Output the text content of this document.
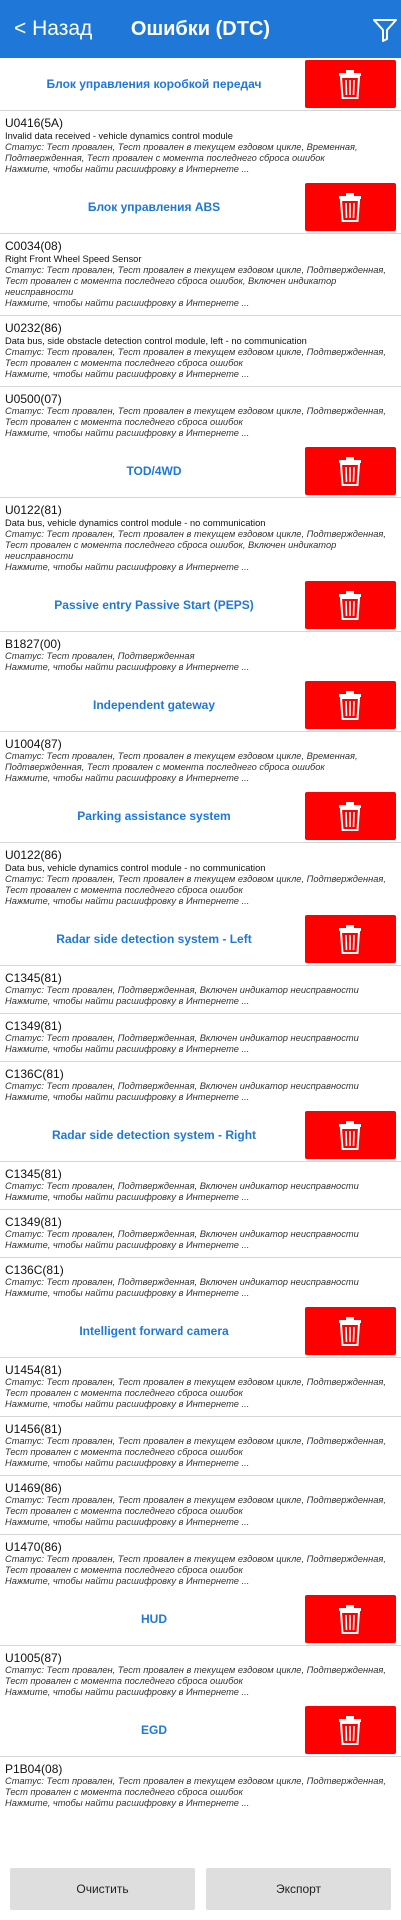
< Назад	Ошибки (DTC)
Блок управления коробкой передач
U0416(5A)
Invalid data received - vehicle dynamics control module
Статус: Тест провален, Тест провален в текущем ездовом цикле, Временная, Подтвержденная, Тест провален с момента последнего сброса ошибок
Нажмите, чтобы найти расшифровку в Интернете ...
Блок управления ABS
C0034(08)
Right Front Wheel Speed Sensor
Статус: Тест провален, Тест провален в текущем ездовом цикле, Подтвержденная, Тест провален с момента последнего сброса ошибок, Включен индикатор неисправности
Нажмите, чтобы найти расшифровку в Интернете ...
U0232(86)
Data bus, side obstacle detection control module, left - no communication
Статус: Тест провален, Тест провален в текущем ездовом цикле, Подтвержденная, Тест провален с момента последнего сброса ошибок
Нажмите, чтобы найти расшифровку в Интернете ...
U0500(07)
Статус: Тест провален, Тест провален в текущем ездовом цикле, Подтвержденная, Тест провален с момента последнего сброса ошибок
Нажмите, чтобы найти расшифровку в Интернете ...
TOD/4WD
U0122(81)
Data bus, vehicle dynamics control module - no communication
Статус: Тест провален, Тест провален в текущем ездовом цикле, Подтвержденная, Тест провален с момента последнего сброса ошибок, Включен индикатор неисправности
Нажмите, чтобы найти расшифровку в Интернете ...
Passive entry Passive Start (PEPS)
B1827(00)
Статус: Тест провален, Подтвержденная
Нажмите, чтобы найти расшифровку в Интернете ...
Independent gateway
U1004(87)
Статус: Тест провален, Тест провален в текущем ездовом цикле, Временная, Подтвержденная, Тест провален с момента последнего сброса ошибок
Нажмите, чтобы найти расшифровку в Интернете ...
Parking assistance system
U0122(86)
Data bus, vehicle dynamics control module - no communication
Статус: Тест провален, Тест провален в текущем ездовом цикле, Подтвержденная, Тест провален с момента последнего сброса ошибок
Нажмите, чтобы найти расшифровку в Интернете ...
Radar side detection system - Left
C1345(81)
Статус: Тест провален, Подтвержденная, Включен индикатор неисправности
Нажмите, чтобы найти расшифровку в Интернете ...
C1349(81)
Статус: Тест провален, Подтвержденная, Включен индикатор неисправности
Нажмите, чтобы найти расшифровку в Интернете ...
C136C(81)
Статус: Тест провален, Подтвержденная, Включен индикатор неисправности
Нажмите, чтобы найти расшифровку в Интернете ...
Radar side detection system - Right
C1345(81)
Статус: Тест провален, Подтвержденная, Включен индикатор неисправности
Нажмите, чтобы найти расшифровку в Интернете ...
C1349(81)
Статус: Тест провален, Подтвержденная, Включен индикатор неисправности
Нажмите, чтобы найти расшифровку в Интернете ...
C136C(81)
Статус: Тест провален, Подтвержденная, Включен индикатор неисправности
Нажмите, чтобы найти расшифровку в Интернете ...
Intelligent forward camera
U1454(81)
Статус: Тест провален, Тест провален в текущем ездовом цикле, Подтвержденная, Тест провален с момента последнего сброса ошибок
Нажмите, чтобы найти расшифровку в Интернете ...
U1456(81)
Статус: Тест провален, Тест провален в текущем ездовом цикле, Подтвержденная, Тест провален с момента последнего сброса ошибок
Нажмите, чтобы найти расшифровку в Интернете ...
U1469(86)
Статус: Тест провален, Тест провален в текущем ездовом цикле, Подтвержденная, Тест провален с момента последнего сброса ошибок
Нажмите, чтобы найти расшифровку в Интернете ...
U1470(86)
Статус: Тест провален, Тест провален в текущем ездовом цикле, Подтвержденная, Тест провален с момента последнего сброса ошибок
Нажмите, чтобы найти расшифровку в Интернете ...
HUD
U1005(87)
Статус: Тест провален, Тест провален в текущем ездовом цикле, Подтвержденная, Тест провален с момента последнего сброса ошибок
Нажмите, чтобы найти расшифровку в Интернете ...
EGD
P1B04(08)
Статус: Тест провален, Тест провален в текущем ездовом цикле, Подтвержденная, Тест провален с момента последнего сброса ошибок
Нажмите, чтобы найти расшифровку в Интернете ...
Очистить	Экспорт
